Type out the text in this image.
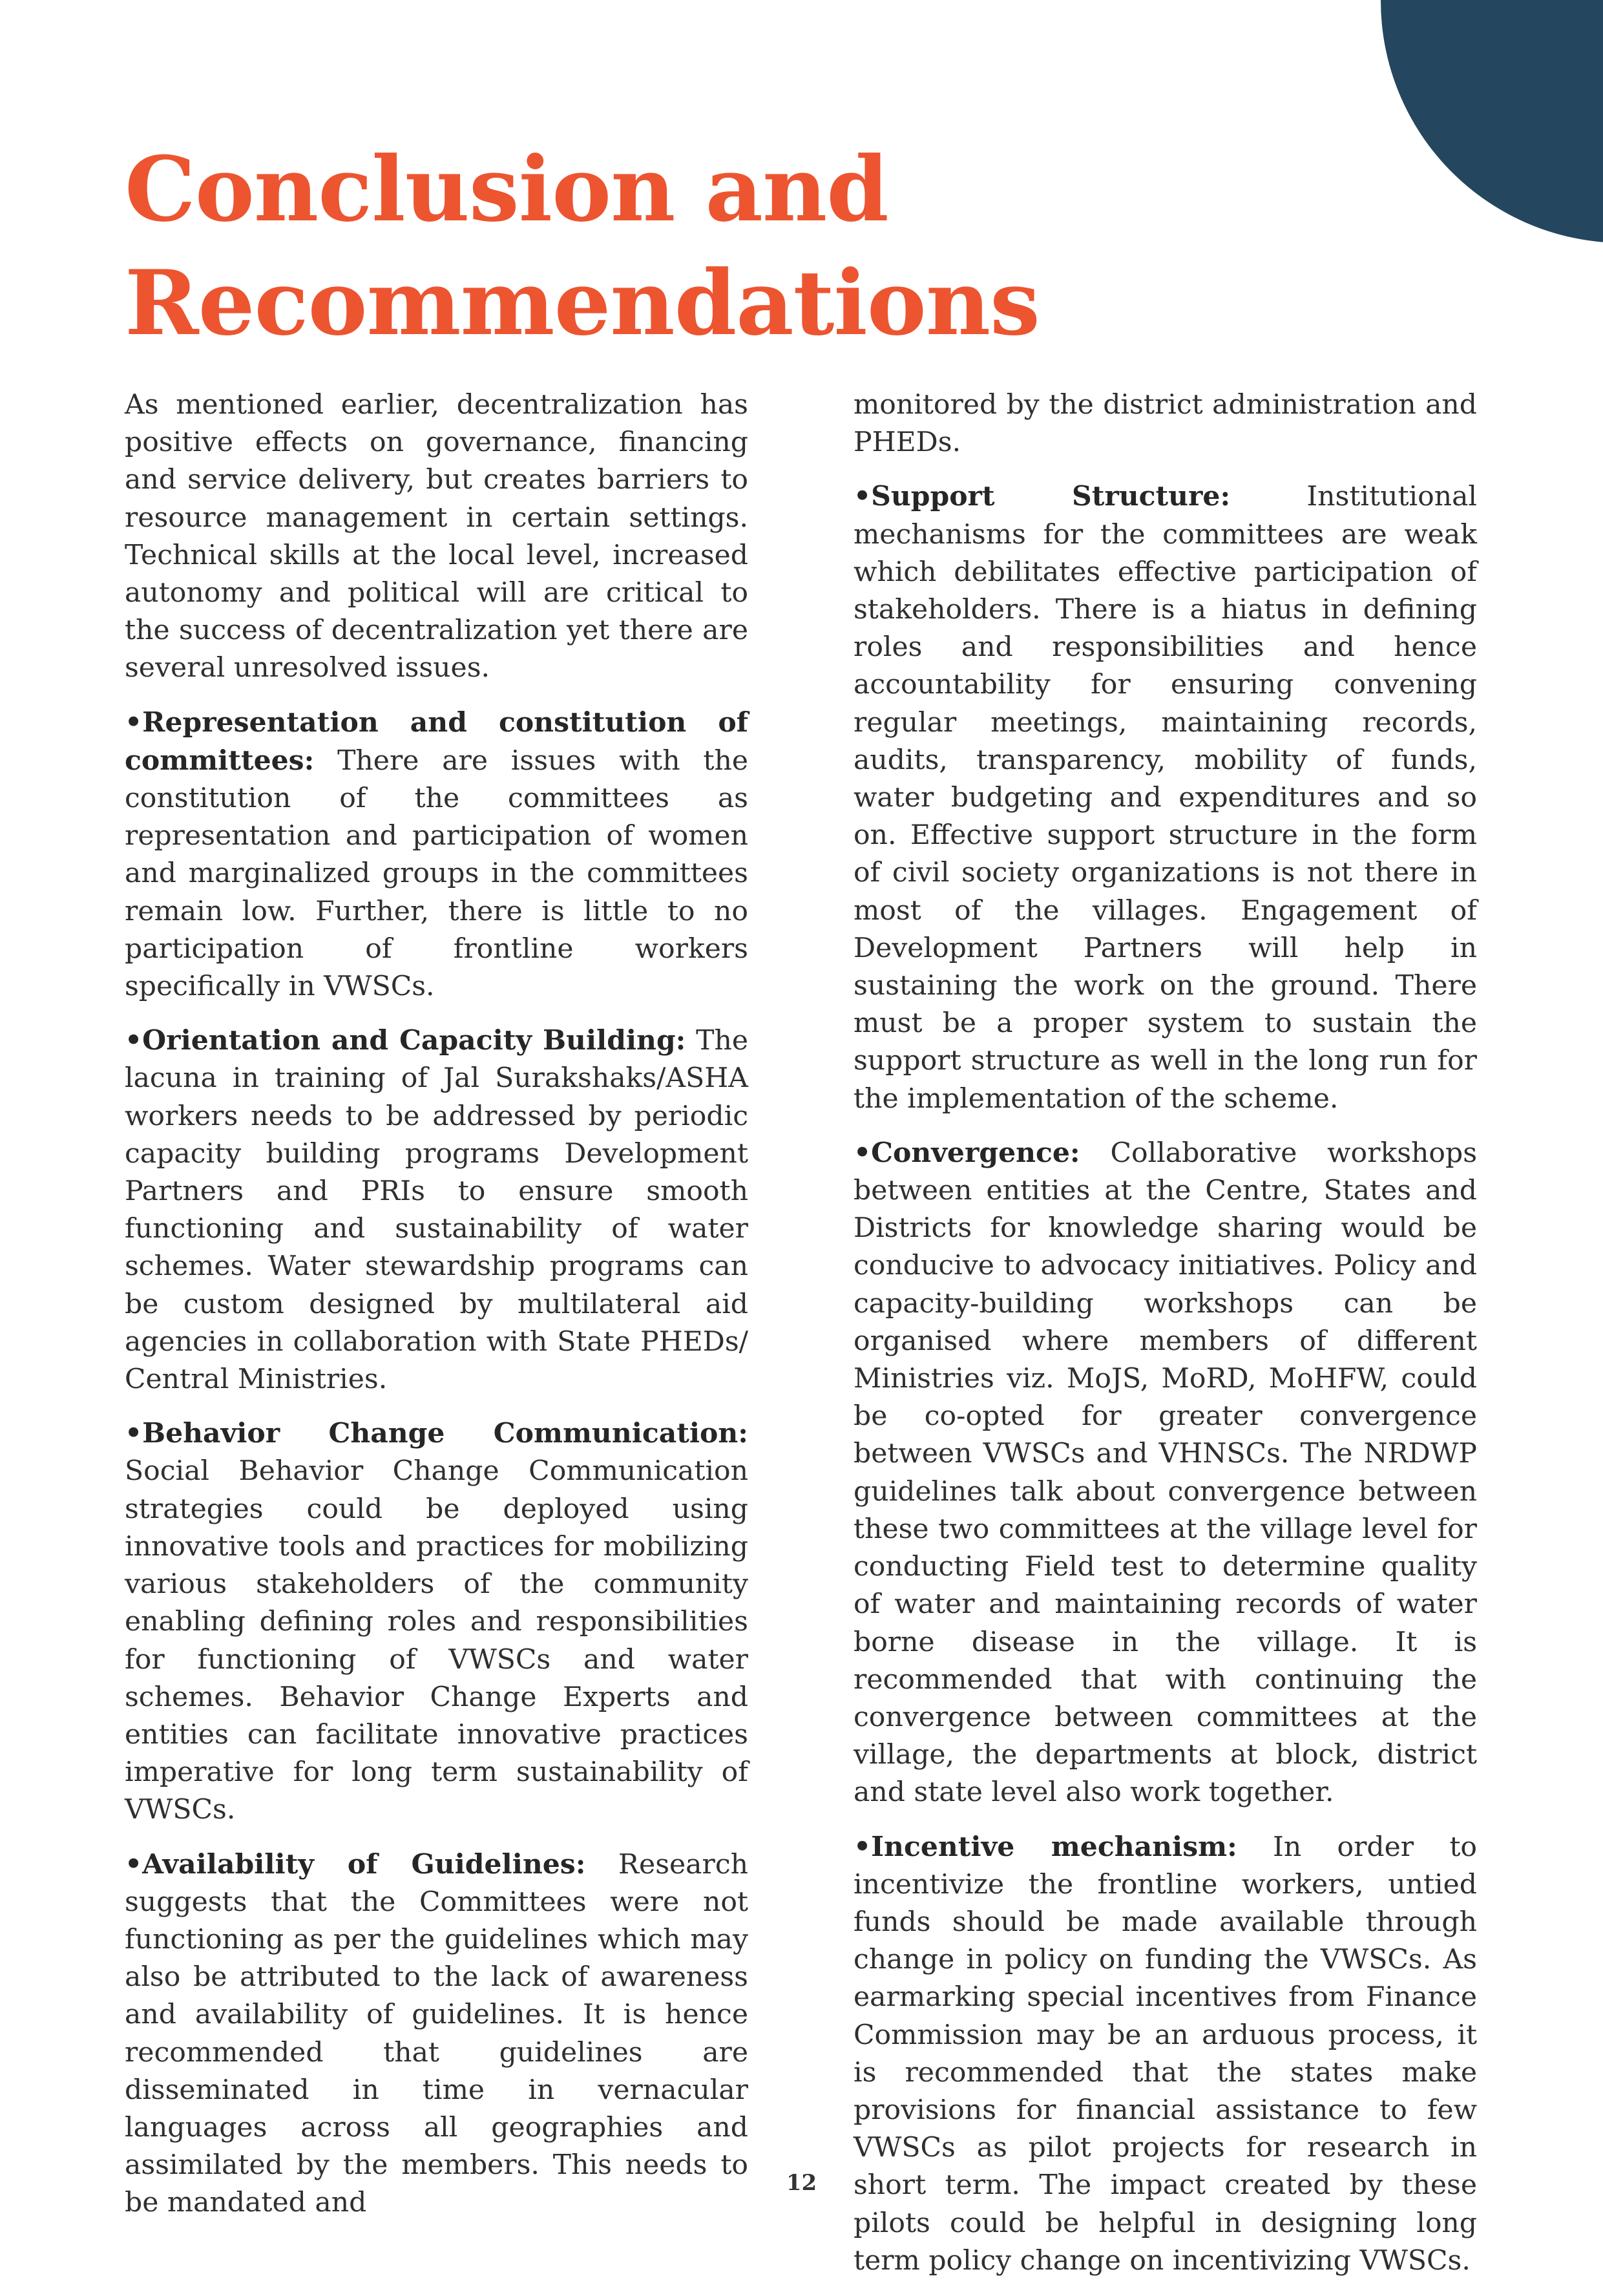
Conclusion and
Recommendations

As mentioned earlier, decentralization has positive effects on governance, financing and service delivery, but creates barriers to resource management in certain settings. Technical skills at the local level, increased autonomy and political will are critical to the success of decentralization yet there are several unresolved issues.

•Representation and constitution of committees: There are issues with the constitution of the committees as representation and participation of women and marginalized groups in the committees remain low. Further, there is little to no participation of frontline workers specifically in VWSCs.

•Orientation and Capacity Building: The lacuna in training of Jal Surakshaks/ASHA workers needs to be addressed by periodic capacity building programs Development Partners and PRIs to ensure smooth functioning and sustainability of water schemes. Water stewardship programs can be custom designed by multilateral aid agencies in collaboration with State PHEDs/ Central Ministries.

•Behavior Change Communication: Social Behavior Change Communication strategies could be deployed using innovative tools and practices for mobilizing various stakeholders of the community enabling defining roles and responsibilities for functioning of VWSCs and water schemes. Behavior Change Experts and entities can facilitate innovative practices imperative for long term sustainability of VWSCs.

•Availability of Guidelines: Research suggests that the Committees were not functioning as per the guidelines which may also be attributed to the lack of awareness and availability of guidelines. It is hence recommended that guidelines are disseminated in time in vernacular languages across all geographies and assimilated by the members. This needs to be mandated and

monitored by the district administration and PHEDs.

•Support Structure: Institutional mechanisms for the committees are weak which debilitates effective participation of stakeholders. There is a hiatus in defining roles and responsibilities and hence accountability for ensuring convening regular meetings, maintaining records, audits, transparency, mobility of funds, water budgeting and expenditures and so on. Effective support structure in the form of civil society organizations is not there in most of the villages. Engagement of Development Partners will help in sustaining the work on the ground. There must be a proper system to sustain the support structure as well in the long run for the implementation of the scheme.

•Convergence: Collaborative workshops between entities at the Centre, States and Districts for knowledge sharing would be conducive to advocacy initiatives. Policy and capacity-building workshops can be organised where members of different Ministries viz. MoJS, MoRD, MoHFW, could be co-opted for greater convergence between VWSCs and VHNSCs. The NRDWP guidelines talk about convergence between these two committees at the village level for conducting Field test to determine quality of water and maintaining records of water borne disease in the village. It is recommended that with continuing the convergence between committees at the village, the departments at block, district and state level also work together.

•Incentive mechanism: In order to incentivize the frontline workers, untied funds should be made available through change in policy on funding the VWSCs. As earmarking special incentives from Finance Commission may be an arduous process, it is recommended that the states make provisions for financial assistance to few VWSCs as pilot projects for research in short term. The impact created by these pilots could be helpful in designing long term policy change on incentivizing VWSCs.

12
